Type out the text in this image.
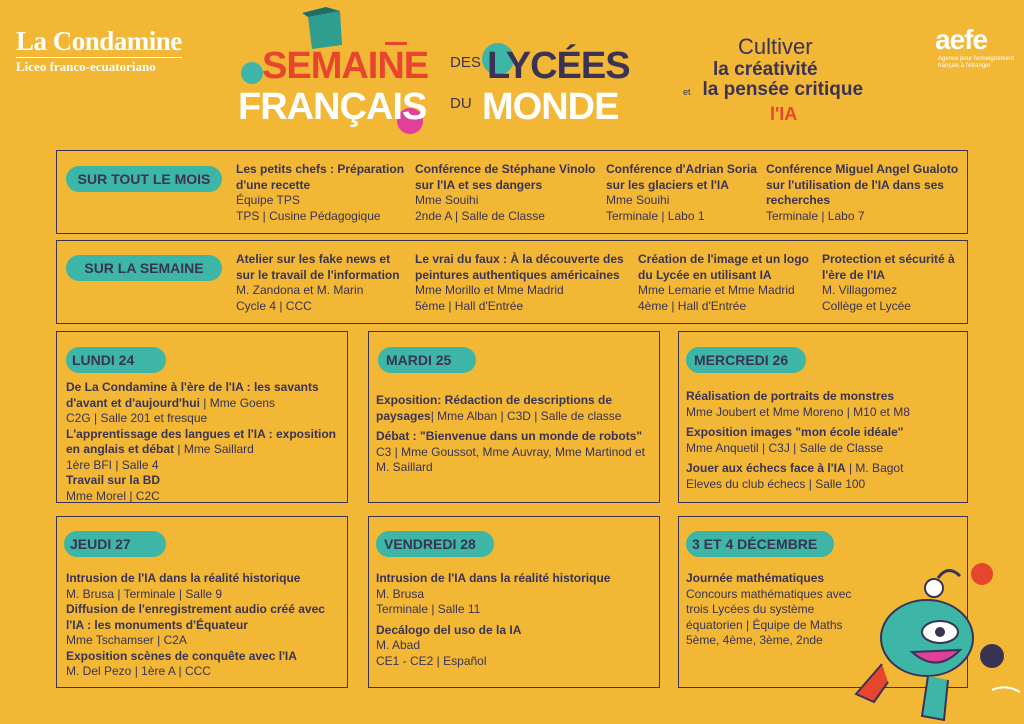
La Condamine
Liceo franco-ecuatoriano	SEMAINE DES LYCÉES
FRANÇAIS DU MONDE
Cultiver
la créativité
et la pensée critique
l'IA
aefe
Agence pour l'enseignement français à l'étranger
SUR TOUT LE MOIS
Les petits chefs : Préparation d'une recette
Équipe TPS
TPS | Cusine Pédagogique
Conférence de Stéphane Vinolo sur l'IA et ses dangers
Mme Souihi
2nde A | Salle de Classe
Conférence d'Adrian Soria sur les glaciers et l'IA
Mme Souihi
Terminale | Labo 1
Conférence Miguel Angel Gualoto sur l'utilisation de l'IA dans ses recherches
Terminale | Labo 7
SUR LA SEMAINE
Atelier sur les fake news et sur le travail de l'information
M. Zandona et M. Marin
Cycle 4 | CCC
Le vrai du faux : À la découverte des peintures authentiques américaines
Mme Morillo et Mme Madrid
5ème | Hall d'Entrée
Création de l'image et un logo du Lycée en utilisant IA
Mme Lemarie et Mme Madrid
4ème | Hall d'Entrée
Protection et sécurité à l'ère de l'IA
M. Villagomez
Collège et Lycée
LUNDI 24

De La Condamine à l'ère de l'IA : les savants d'avant et d'aujourd'hui | Mme Goens

C2G | Salle 201 et fresque

L'apprentissage des langues et l'IA : exposition en anglais et débat | Mme Saillard

1ère BFI | Salle 4

Travail sur la BD

Mme Morel | C2C

MARDI 25

Exposition: Rédaction de descriptions de paysages| Mme Alban | C3D | Salle de classe

Débat : "Bienvenue dans un monde de robots"

C3 | Mme Goussot, Mme Auvray, Mme Martinod et M. Saillard

MERCREDI 26

Réalisation de portraits de monstres

Mme Joubert et Mme Moreno | M10 et M8

Exposition images "mon école idéale"

Mme Anquetil | C3J | Salle de Classe

Jouer aux échecs face à l'IA | M. Bagot

Eleves du club échecs | Salle 100

JEUDI 27

Intrusion de l'IA dans la réalité historique

M. Brusa | Terminale | Salle 9

Diffusion de l'enregistrement audio créé avec l'IA : les monuments d'Équateur

Mme Tschamser | C2A

Exposition scènes de conquête avec l'IA

M. Del Pezo | 1ère A | CCC

VENDREDI 28

Intrusion de l'IA dans la réalité historique

M. Brusa

Terminale | Salle 11

Decálogo del uso de la IA

M. Abad

CE1 - CE2 | Español

3 ET 4 DÉCEMBRE

Journée mathématiques

Concours mathématiques avec trois Lycées du système équatorien | Équipe de Maths

5ème, 4ème, 3ème, 2nde
